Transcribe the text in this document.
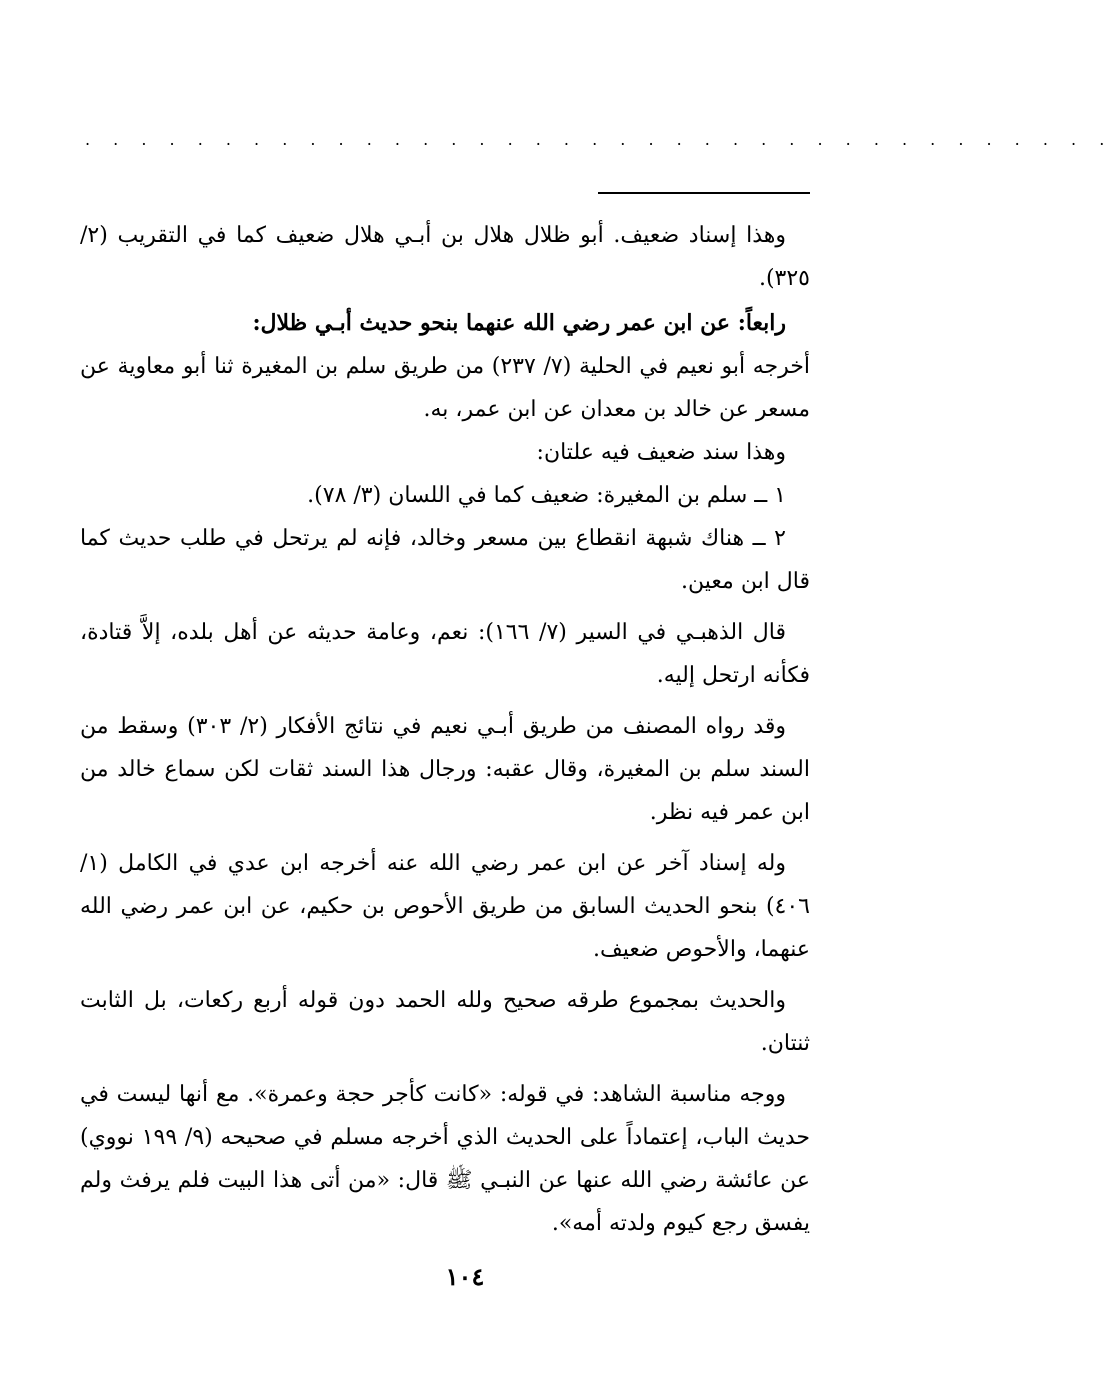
. . . . . . . . . . . . . . . . . . . . . . . . . . . . . . . . . . . . .

وهذا إسناد ضعيف. أبو ظلال هلال بن أبـي هلال ضعيف كما في التقريب (٢/ ٣٢٥).

رابعاً: عن ابن عمر رضي الله عنهما بنحو حديث أبـي ظلال:

أخرجه أبو نعيم في الحلية (٧/ ٢٣٧) من طريق سلم بن المغيرة ثنا أبو معاوية عن مسعر عن خالد بن معدان عن ابن عمر، به.

وهذا سند ضعيف فيه علتان:

١ ــ سلم بن المغيرة: ضعيف كما في اللسان (٣/ ٧٨).

٢ ــ هناك شبهة انقطاع بين مسعر وخالد، فإنه لم يرتحل في طلب حديث كما قال ابن معين.

قال الذهبـي في السير (٧/ ١٦٦): نعم، وعامة حديثه عن أهل بلده، إلاَّ قتادة، فكأنه ارتحل إليه.

وقد رواه المصنف من طريق أبـي نعيم في نتائج الأفكار (٢/ ٣٠٣) وسقط من السند سلم بن المغيرة، وقال عقبه: ورجال هذا السند ثقات لكن سماع خالد من ابن عمر فيه نظر.

وله إسناد آخر عن ابن عمر رضي الله عنه أخرجه ابن عدي في الكامل (١/ ٤٠٦) بنحو الحديث السابق من طريق الأحوص بن حكيم، عن ابن عمر رضي الله عنهما، والأحوص ضعيف.

والحديث بمجموع طرقه صحيح ولله الحمد دون قوله أربع ركعات، بل الثابت ثنتان.

ووجه مناسبة الشاهد: في قوله: «كانت كأجر حجة وعمرة». مع أنها ليست في حديث الباب، إعتماداً على الحديث الذي أخرجه مسلم في صحيحه (٩/ ١٩٩ نووي) عن عائشة رضي الله عنها عن النبـي ﷺ قال: «من أتى هذا البيت فلم يرفث ولم يفسق رجع كيوم ولدته أمه».

١٠٤
